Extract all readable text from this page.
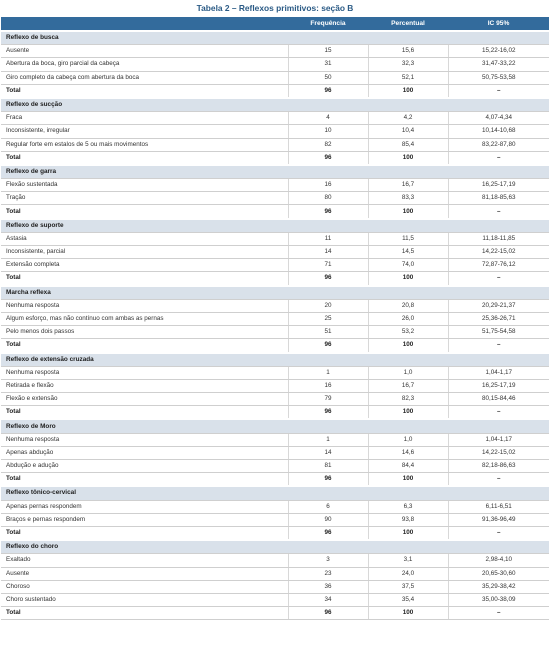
Tabela 2 – Reflexos primitivos: seção B
	Frequência	Percentual	IC 95%
Reflexo de busca			
Ausente	15	15,6	15,22-16,02
Abertura da boca, giro parcial da cabeça	31	32,3	31,47-33,22
Giro completo da cabeça com abertura da boca	50	52,1	50,75-53,58
Total	96	100	–
Reflexo de sucção			
Fraca	4	4,2	4,07-4,34
Inconsistente, irregular	10	10,4	10,14-10,68
Regular forte em estalos de 5 ou mais movimentos	82	85,4	83,22-87,80
Total	96	100	–
Reflexo de garra			
Flexão sustentada	16	16,7	16,25-17,19
Tração	80	83,3	81,18-85,63
Total	96	100	–
Reflexo de suporte			
Astasia	11	11,5	11,18-11,85
Inconsistente, parcial	14	14,5	14,22-15,02
Extensão completa	71	74,0	72,87-76,12
Total	96	100	–
Marcha reflexa			
Nenhuma resposta	20	20,8	20,29-21,37
Algum esforço, mas não contínuo com ambas as pernas	25	26,0	25,36-26,71
Pelo menos dois passos	51	53,2	51,75-54,58
Total	96	100	–
Reflexo de extensão cruzada			
Nenhuma resposta	1	1,0	1,04-1,17
Retirada e flexão	16	16,7	16,25-17,19
Flexão e extensão	79	82,3	80,15-84,46
Total	96	100	–
Reflexo de Moro			
Nenhuma resposta	1	1,0	1,04-1,17
Apenas abdução	14	14,6	14,22-15,02
Abdução e adução	81	84,4	82,18-86,63
Total	96	100	–
Reflexo tônico-cervical			
Apenas pernas respondem	6	6,3	6,11-6,51
Braços e pernas respondem	90	93,8	91,36-96,49
Total	96	100	–
Reflexo do choro			
Exaltado	3	3,1	2,98-4,10
Ausente	23	24,0	20,65-30,60
Choroso	36	37,5	35,29-38,42
Choro sustentado	34	35,4	35,00-38,09
Total	96	100	–
